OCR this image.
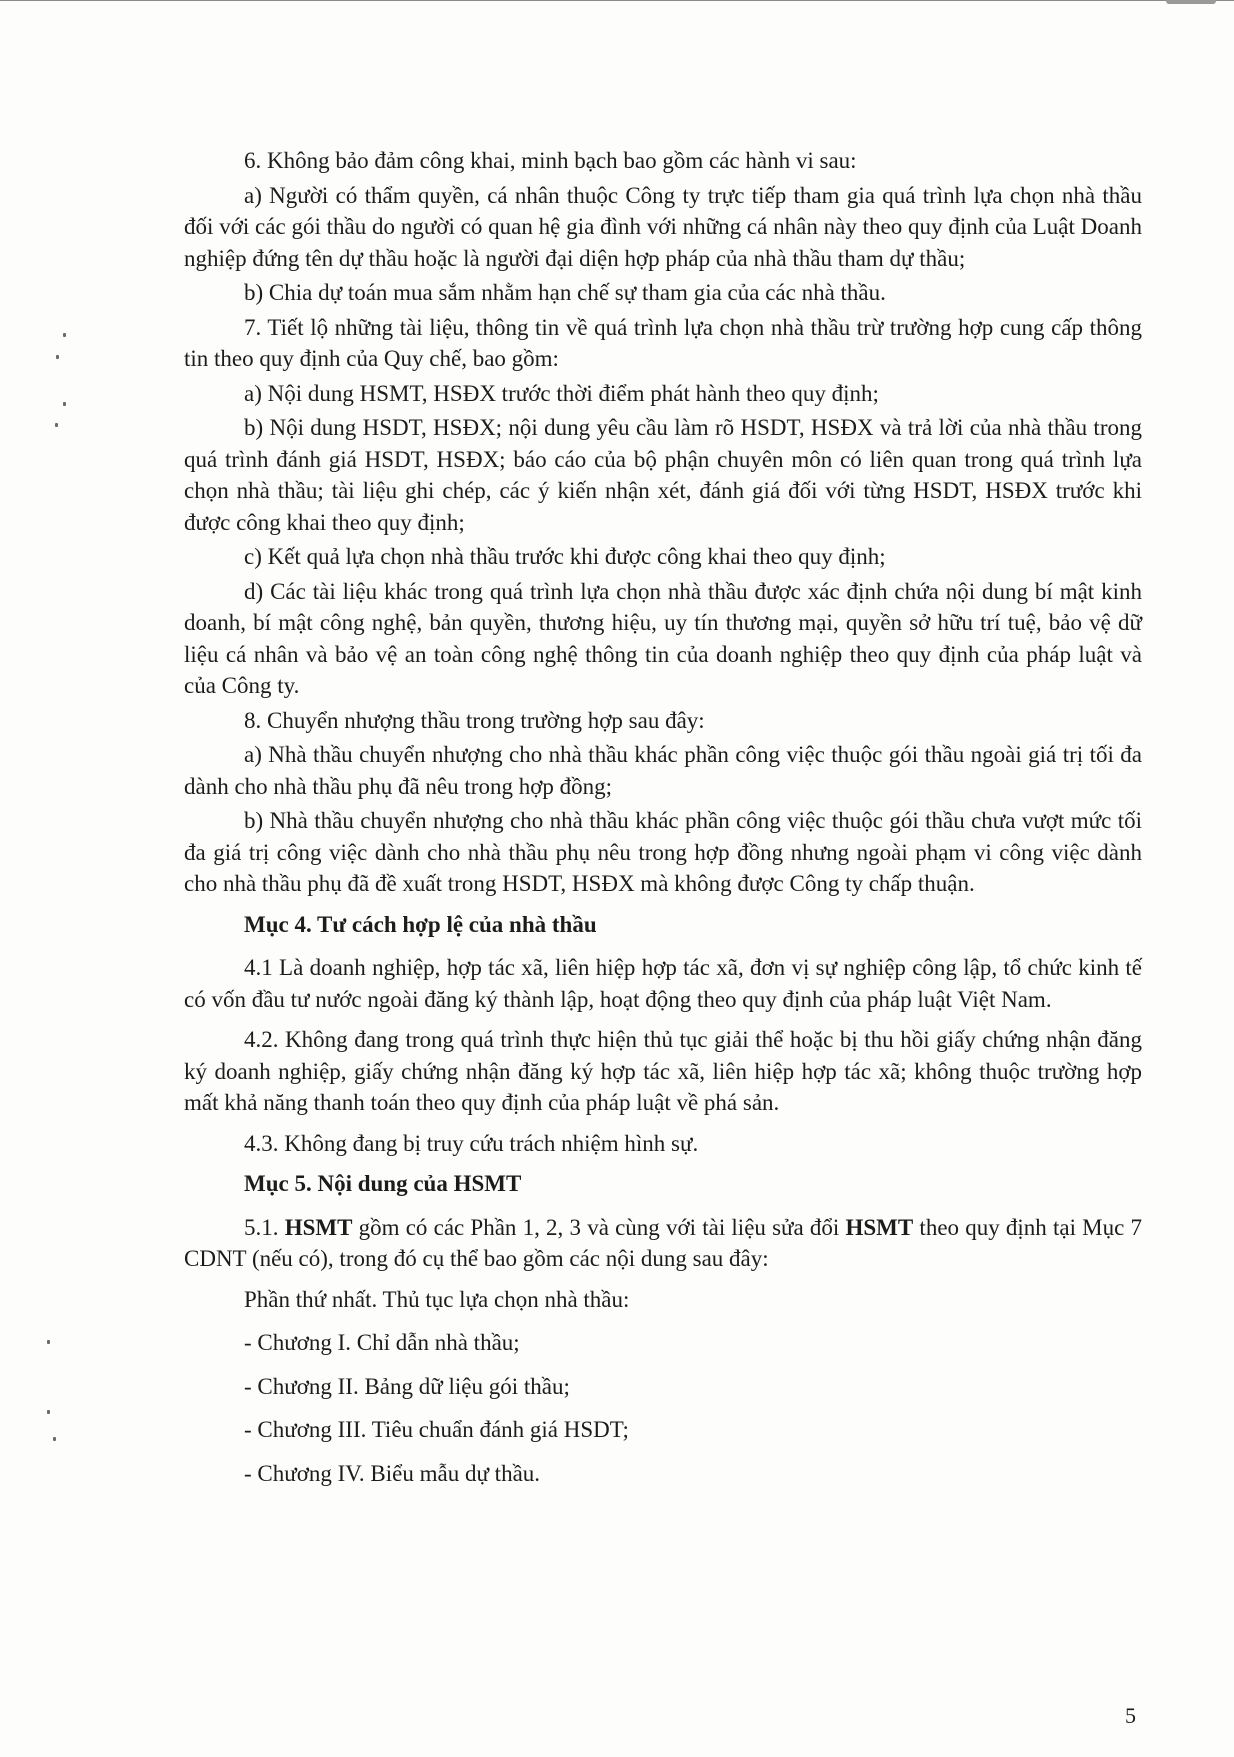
6. Không bảo đảm công khai, minh bạch bao gồm các hành vi sau:

a) Người có thẩm quyền, cá nhân thuộc Công ty trực tiếp tham gia quá trình lựa chọn nhà thầu đối với các gói thầu do người có quan hệ gia đình với những cá nhân này theo quy định của Luật Doanh nghiệp đứng tên dự thầu hoặc là người đại diện hợp pháp của nhà thầu tham dự thầu;

b) Chia dự toán mua sắm nhằm hạn chế sự tham gia của các nhà thầu.

7. Tiết lộ những tài liệu, thông tin về quá trình lựa chọn nhà thầu trừ trường hợp cung cấp thông tin theo quy định của Quy chế, bao gồm:

a) Nội dung HSMT, HSĐX trước thời điểm phát hành theo quy định;

b) Nội dung HSDT, HSĐX; nội dung yêu cầu làm rõ HSDT, HSĐX và trả lời của nhà thầu trong quá trình đánh giá HSDT, HSĐX; báo cáo của bộ phận chuyên môn có liên quan trong quá trình lựa chọn nhà thầu; tài liệu ghi chép, các ý kiến nhận xét, đánh giá đối với từng HSDT, HSĐX trước khi được công khai theo quy định;

c) Kết quả lựa chọn nhà thầu trước khi được công khai theo quy định;

d) Các tài liệu khác trong quá trình lựa chọn nhà thầu được xác định chứa nội dung bí mật kinh doanh, bí mật công nghệ, bản quyền, thương hiệu, uy tín thương mại, quyền sở hữu trí tuệ, bảo vệ dữ liệu cá nhân và bảo vệ an toàn công nghệ thông tin của doanh nghiệp theo quy định của pháp luật và của Công ty.

8. Chuyển nhượng thầu trong trường hợp sau đây:

a) Nhà thầu chuyển nhượng cho nhà thầu khác phần công việc thuộc gói thầu ngoài giá trị tối đa dành cho nhà thầu phụ đã nêu trong hợp đồng;

b) Nhà thầu chuyển nhượng cho nhà thầu khác phần công việc thuộc gói thầu chưa vượt mức tối đa giá trị công việc dành cho nhà thầu phụ nêu trong hợp đồng nhưng ngoài phạm vi công việc dành cho nhà thầu phụ đã đề xuất trong HSDT, HSĐX mà không được Công ty chấp thuận.

Mục 4. Tư cách hợp lệ của nhà thầu

4.1 Là doanh nghiệp, hợp tác xã, liên hiệp hợp tác xã, đơn vị sự nghiệp công lập, tổ chức kinh tế có vốn đầu tư nước ngoài đăng ký thành lập, hoạt động theo quy định của pháp luật Việt Nam.

4.2. Không đang trong quá trình thực hiện thủ tục giải thể hoặc bị thu hồi giấy chứng nhận đăng ký doanh nghiệp, giấy chứng nhận đăng ký hợp tác xã, liên hiệp hợp tác xã; không thuộc trường hợp mất khả năng thanh toán theo quy định của pháp luật về phá sản.

4.3. Không đang bị truy cứu trách nhiệm hình sự.

Mục 5. Nội dung của HSMT

5.1. HSMT gồm có các Phần 1, 2, 3 và cùng với tài liệu sửa đổi HSMT theo quy định tại Mục 7 CDNT (nếu có), trong đó cụ thể bao gồm các nội dung sau đây:

Phần thứ nhất. Thủ tục lựa chọn nhà thầu:

- Chương I. Chỉ dẫn nhà thầu;

- Chương II. Bảng dữ liệu gói thầu;

- Chương III. Tiêu chuẩn đánh giá HSDT;

- Chương IV. Biểu mẫu dự thầu.

5
